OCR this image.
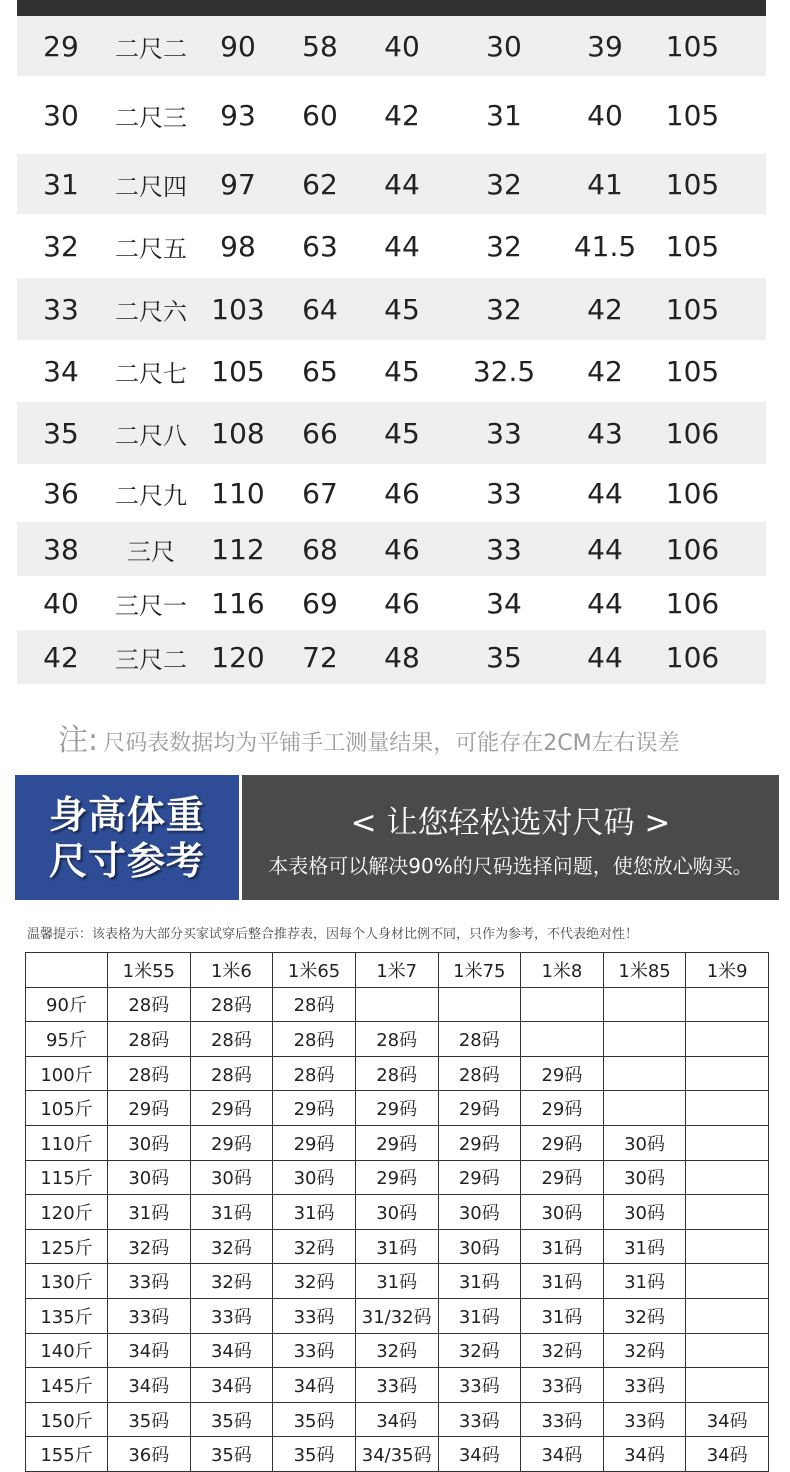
29	二尺二	90	58	40	30	39	105
30	二尺三	93	60	42	31	40	105
31	二尺四	97	62	44	32	41	105
32	二尺五	98	63	44	32	41.5	105
33	二尺六 103	64	45	32	42	105
34	二尺七 105	65	45	32.5	42	105
35	二尺八 108	66	45	33	43	106
36	二尺九 110	67	46	33	44	106
38	三尺	112	68	46	33	44	106
40	三尺一 116	69	46	34	44	106
42	三尺二 120	72	48	35	44	106
注: 尺码表数据均为平铺手工测量结果，可能存在2CM左右误差
身高体重
尺寸参考
< 让您轻松选对尺码 >
本表格可以解决90%的尺码选择问题，使您放心购买。
温馨提示：该表格为大部分买家试穿后整合推荐表，因每个人身材比例不同，只作为参考，不代表绝对性！
	1米55	1米6	1米65	1米7	1米75	1米8	1米85	1米9
90斤	28码	28码	28码					
95斤	28码	28码	28码	28码	28码			
100斤	28码	28码	28码	28码	28码	29码		
105斤	29码	29码	29码	29码	29码	29码		
110斤	30码	29码	29码	29码	29码	29码	30码	
115斤	30码	30码	30码	29码	29码	29码	30码	
120斤	31码	31码	31码	30码	30码	30码	30码	
125斤	32码	32码	32码	31码	30码	31码	31码	
130斤	33码	32码	32码	31码	31码	31码	31码	
135斤	33码	33码	33码	31/32码	31码	31码	32码	
140斤	34码	34码	33码	32码	32码	32码	32码	
145斤	34码	34码	34码	33码	33码	33码	33码	
150斤	35码	35码	35码	34码	33码	33码	33码	34码
155斤	36码	35码	35码	34/35码	34码	34码	34码	34码
